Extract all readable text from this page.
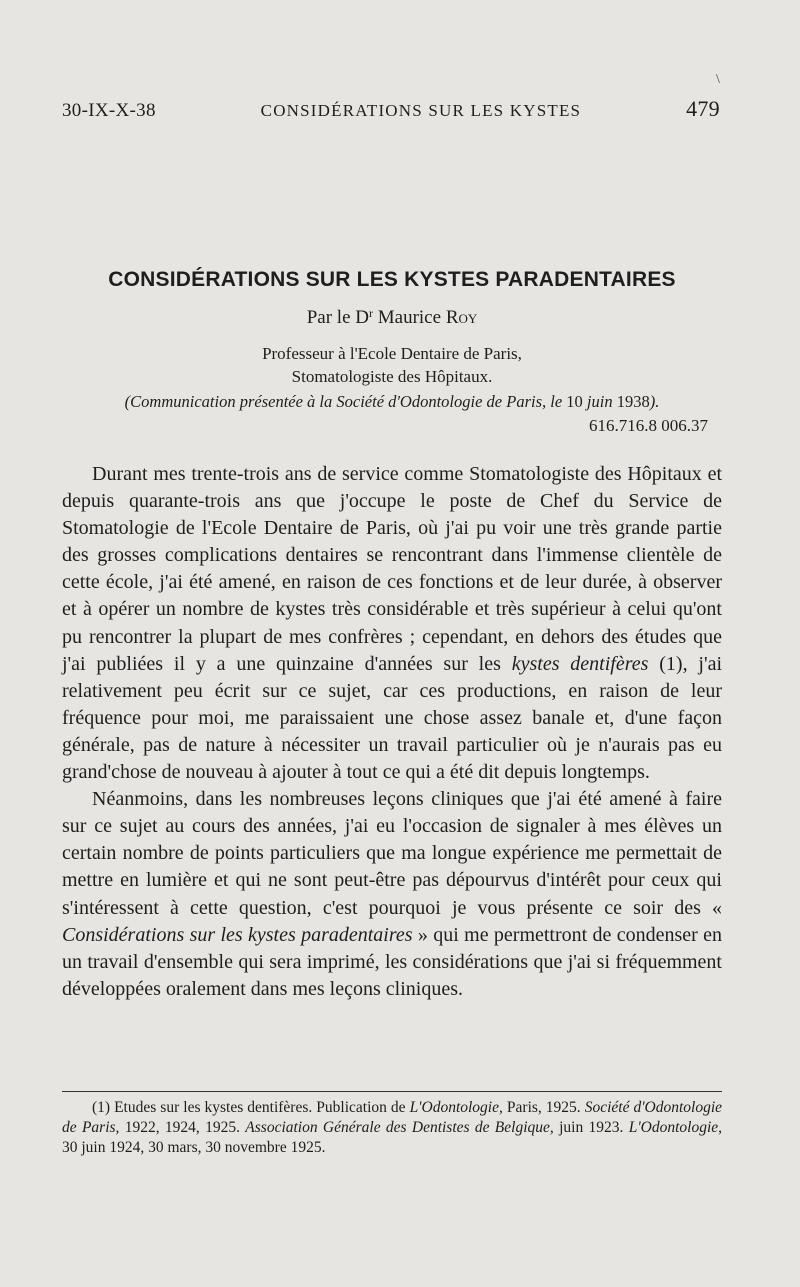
\
30-IX-X-38	CONSIDÉRATIONS SUR LES KYSTES	479
CONSIDÉRATIONS SUR LES KYSTES PARADENTAIRES
Par le $D^r$ Maurice Roy
Professeur à l'Ecole Dentaire de Paris,
Stomatologiste des Hôpitaux.
(Communication présentée à la Société d'Odontologie de Paris, le 10 juin 1938).
616.716.8 006.37

Durant mes trente-trois ans de service comme Stomatologiste des Hôpitaux et depuis quarante-trois ans que j'occupe le poste de Chef du Service de Stomatologie de l'Ecole Dentaire de Paris, où j'ai pu voir une très grande partie des grosses complications dentaires se rencontrant dans l'immense clientèle de cette école, j'ai été amené, en raison de ces fonctions et de leur durée, à observer et à opérer un nombre de kystes très considérable et très supérieur à celui qu'ont pu rencontrer la plupart de mes confrères ; cependant, en dehors des études que j'ai publiées il y a une quinzaine d'années sur les kystes dentifères (1), j'ai relativement peu écrit sur ce sujet, car ces productions, en raison de leur fréquence pour moi, me paraissaient une chose assez banale et, d'une façon générale, pas de nature à nécessiter un travail particulier où je n'aurais pas eu grand'chose de nouveau à ajouter à tout ce qui a été dit depuis longtemps.

Néanmoins, dans les nombreuses leçons cliniques que j'ai été amené à faire sur ce sujet au cours des années, j'ai eu l'occasion de signaler à mes élèves un certain nombre de points particuliers que ma longue expérience me permettait de mettre en lumière et qui ne sont peut-être pas dépourvus d'intérêt pour ceux qui s'intéressent à cette question, c'est pourquoi je vous présente ce soir des « Considérations sur les kystes paradentaires » qui me permettront de condenser en un travail d'ensemble qui sera imprimé, les considérations que j'ai si fréquemment développées oralement dans mes leçons cliniques.

(1) Etudes sur les kystes dentifères. Publication de L'Odontologie, Paris, 1925. Société d'Odontologie de Paris, 1922, 1924, 1925. Association Générale des Dentistes de Belgique, juin 1923. L'Odontologie, 30 juin 1924, 30 mars, 30 novembre 1925.
